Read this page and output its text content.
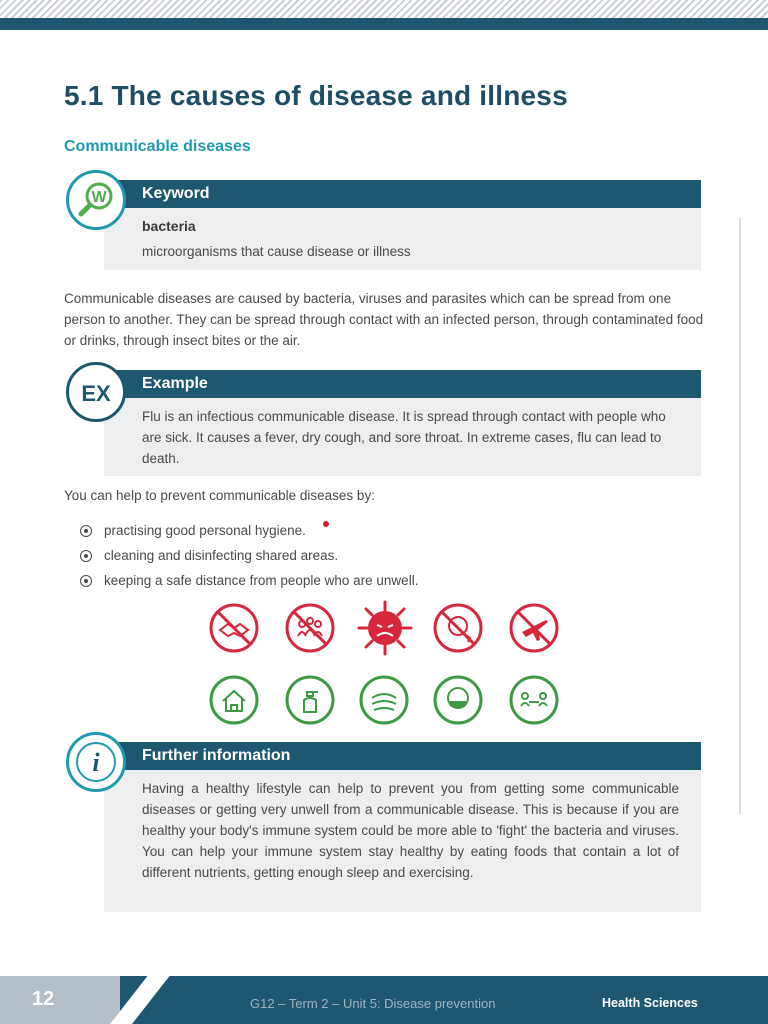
5.1 The causes of disease and illness
Communicable diseases
Keyword
bacteria
microorganisms that cause disease or illness
W

Communicable diseases are caused by bacteria, viruses and parasites which can be spread from one person to another. They can be spread through contact with an infected person, through contaminated food or drinks, through insect bites or the air.

Example
Flu is an infectious communicable disease. It is spread through contact with people who are sick. It causes a fever, dry cough, and sore throat. In extreme cases, flu can lead to death.
EX

You can help to prevent communicable diseases by:

practising good personal hygiene.
cleaning and disinfecting shared areas.
keeping a safe distance from people who are unwell.
Further information
Having a healthy lifestyle can help to prevent you from getting some communicable diseases or getting very unwell from a communicable disease. This is because if you are healthy your body's immune system could be more able to 'fight' the bacteria and viruses. You can help your immune system stay healthy by eating foods that contain a lot of different nutrients, getting enough sleep and exercising.
i
12	G12 – Term 2 – Unit 5: Disease prevention	Health Sciences
